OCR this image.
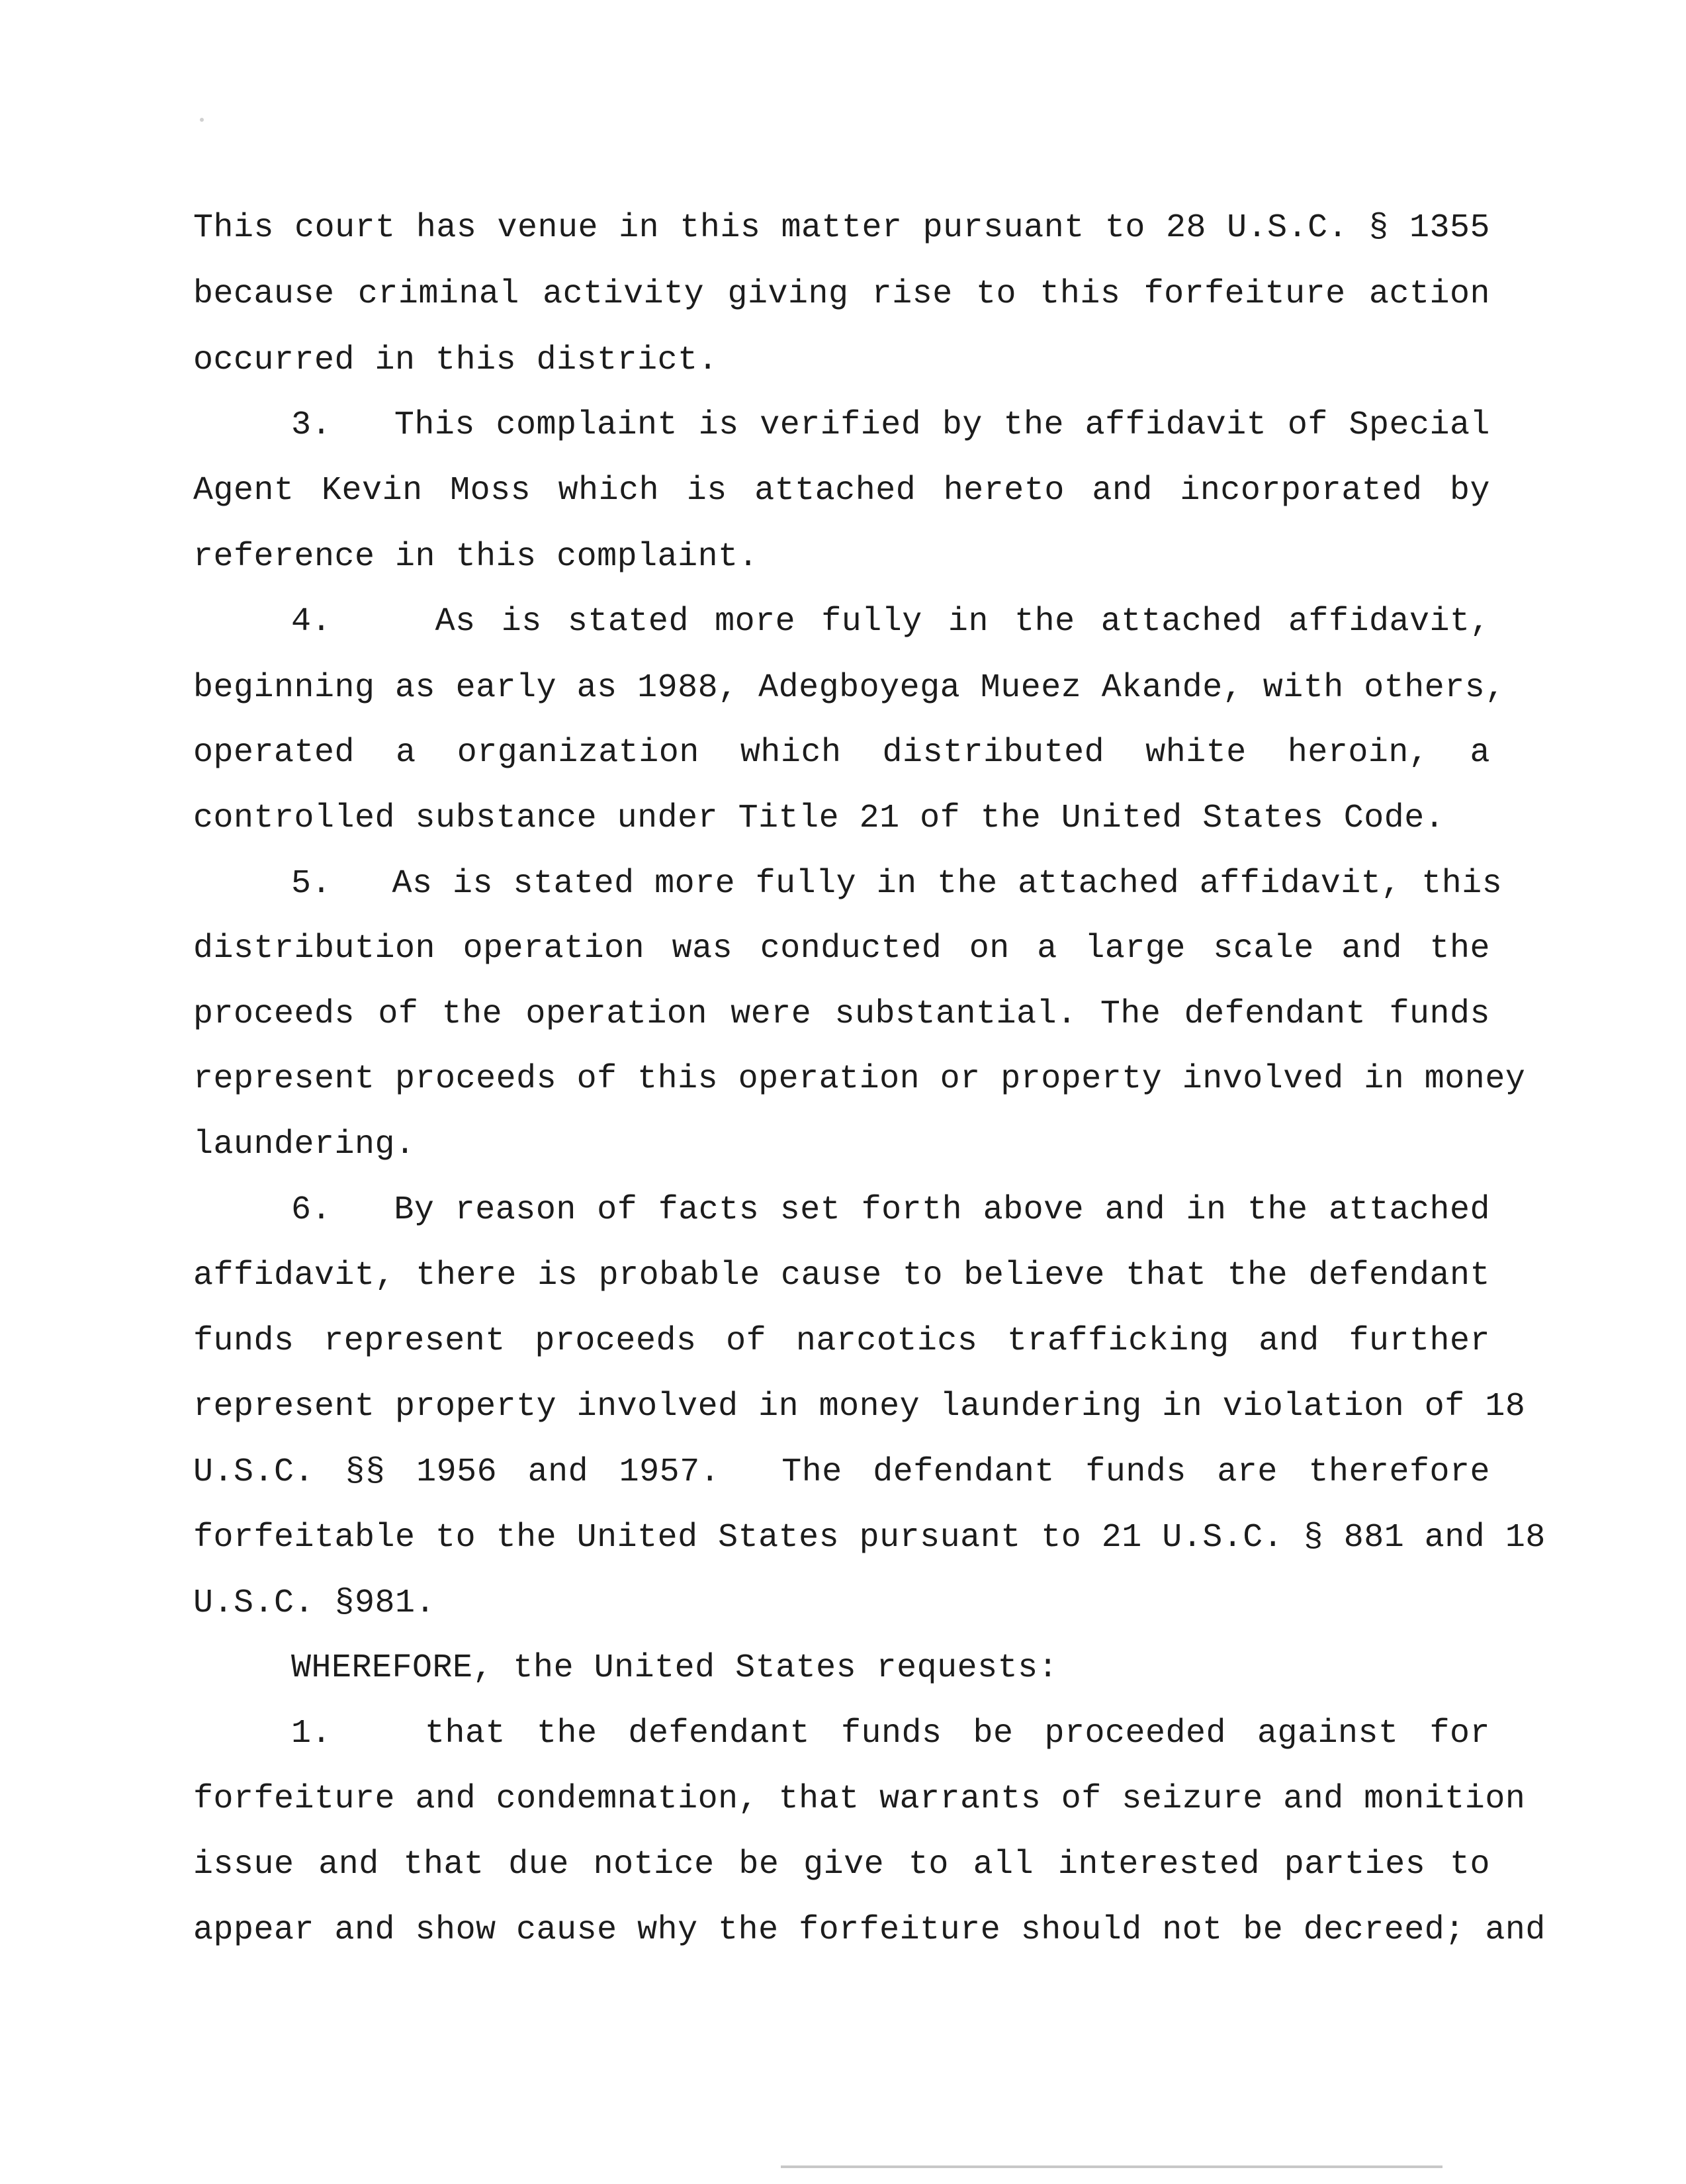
This court has venue in this matter pursuant to 28 U.S.C. § 1355
because criminal activity giving rise to this forfeiture action
occurred in this district.
3.   This complaint is verified by the affidavit of Special
Agent Kevin Moss which is attached hereto and incorporated by
reference in this complaint.
4.    As is stated more fully in the attached affidavit,
beginning as early as 1988, Adegboyega Mueez Akande, with others,
operated a organization which distributed white heroin, a
controlled substance under Title 21 of the United States Code.
5.   As is stated more fully in the attached affidavit, this
distribution operation was conducted on a large scale and the
proceeds of the operation were substantial. The defendant funds
represent proceeds of this operation or property involved in money
laundering.
6.   By reason of facts set forth above and in the attached
affidavit, there is probable cause to believe that the defendant
funds represent proceeds of narcotics trafficking and further
represent property involved in money laundering in violation of 18
U.S.C. §§ 1956 and 1957.  The defendant funds are therefore
forfeitable to the United States pursuant to 21 U.S.C. § 881 and 18
U.S.C. §981.
WHEREFORE, the United States requests:
1.   that the defendant funds be proceeded against for
forfeiture and condemnation, that warrants of seizure and monition
issue and that due notice be give to all interested parties to
appear and show cause why the forfeiture should not be decreed; and
